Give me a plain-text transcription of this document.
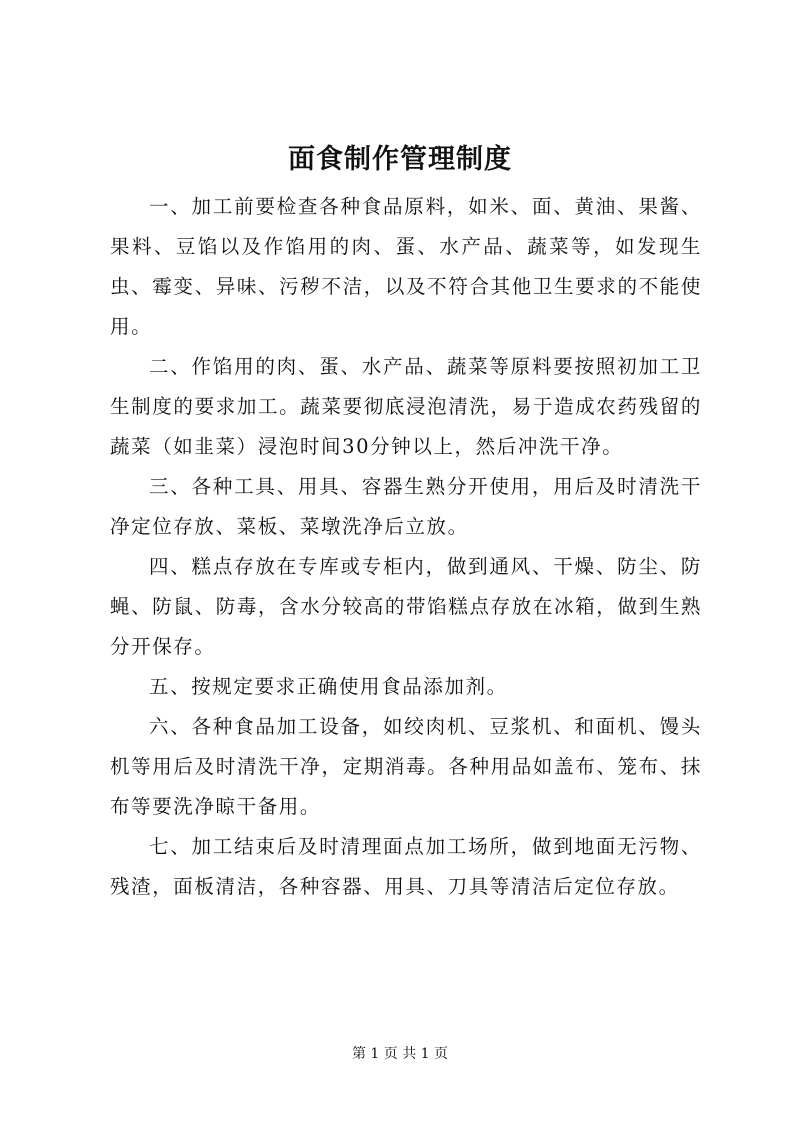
面食制作管理制度

一、加工前要检查各种食品原料，如米、面、黄油、果酱、果料、豆馅以及作馅用的肉、蛋、水产品、蔬菜等，如发现生虫、霉变、异味、污秽不洁，以及不符合其他卫生要求的不能使用。

二、作馅用的肉、蛋、水产品、蔬菜等原料要按照初加工卫生制度的要求加工。蔬菜要彻底浸泡清洗，易于造成农药残留的蔬菜（如韭菜）浸泡时间30分钟以上，然后冲洗干净。

三、各种工具、用具、容器生熟分开使用，用后及时清洗干净定位存放、菜板、菜墩洗净后立放。

四、糕点存放在专库或专柜内，做到通风、干燥、防尘、防蝇、防鼠、防毒，含水分较高的带馅糕点存放在冰箱，做到生熟分开保存。

五、按规定要求正确使用食品添加剂。

六、各种食品加工设备，如绞肉机、豆浆机、和面机、馒头机等用后及时清洗干净，定期消毒。各种用品如盖布、笼布、抹布等要洗净晾干备用。

七、加工结束后及时清理面点加工场所，做到地面无污物、残渣，面板清洁，各种容器、用具、刀具等清洁后定位存放。

第 1 页 共 1 页
